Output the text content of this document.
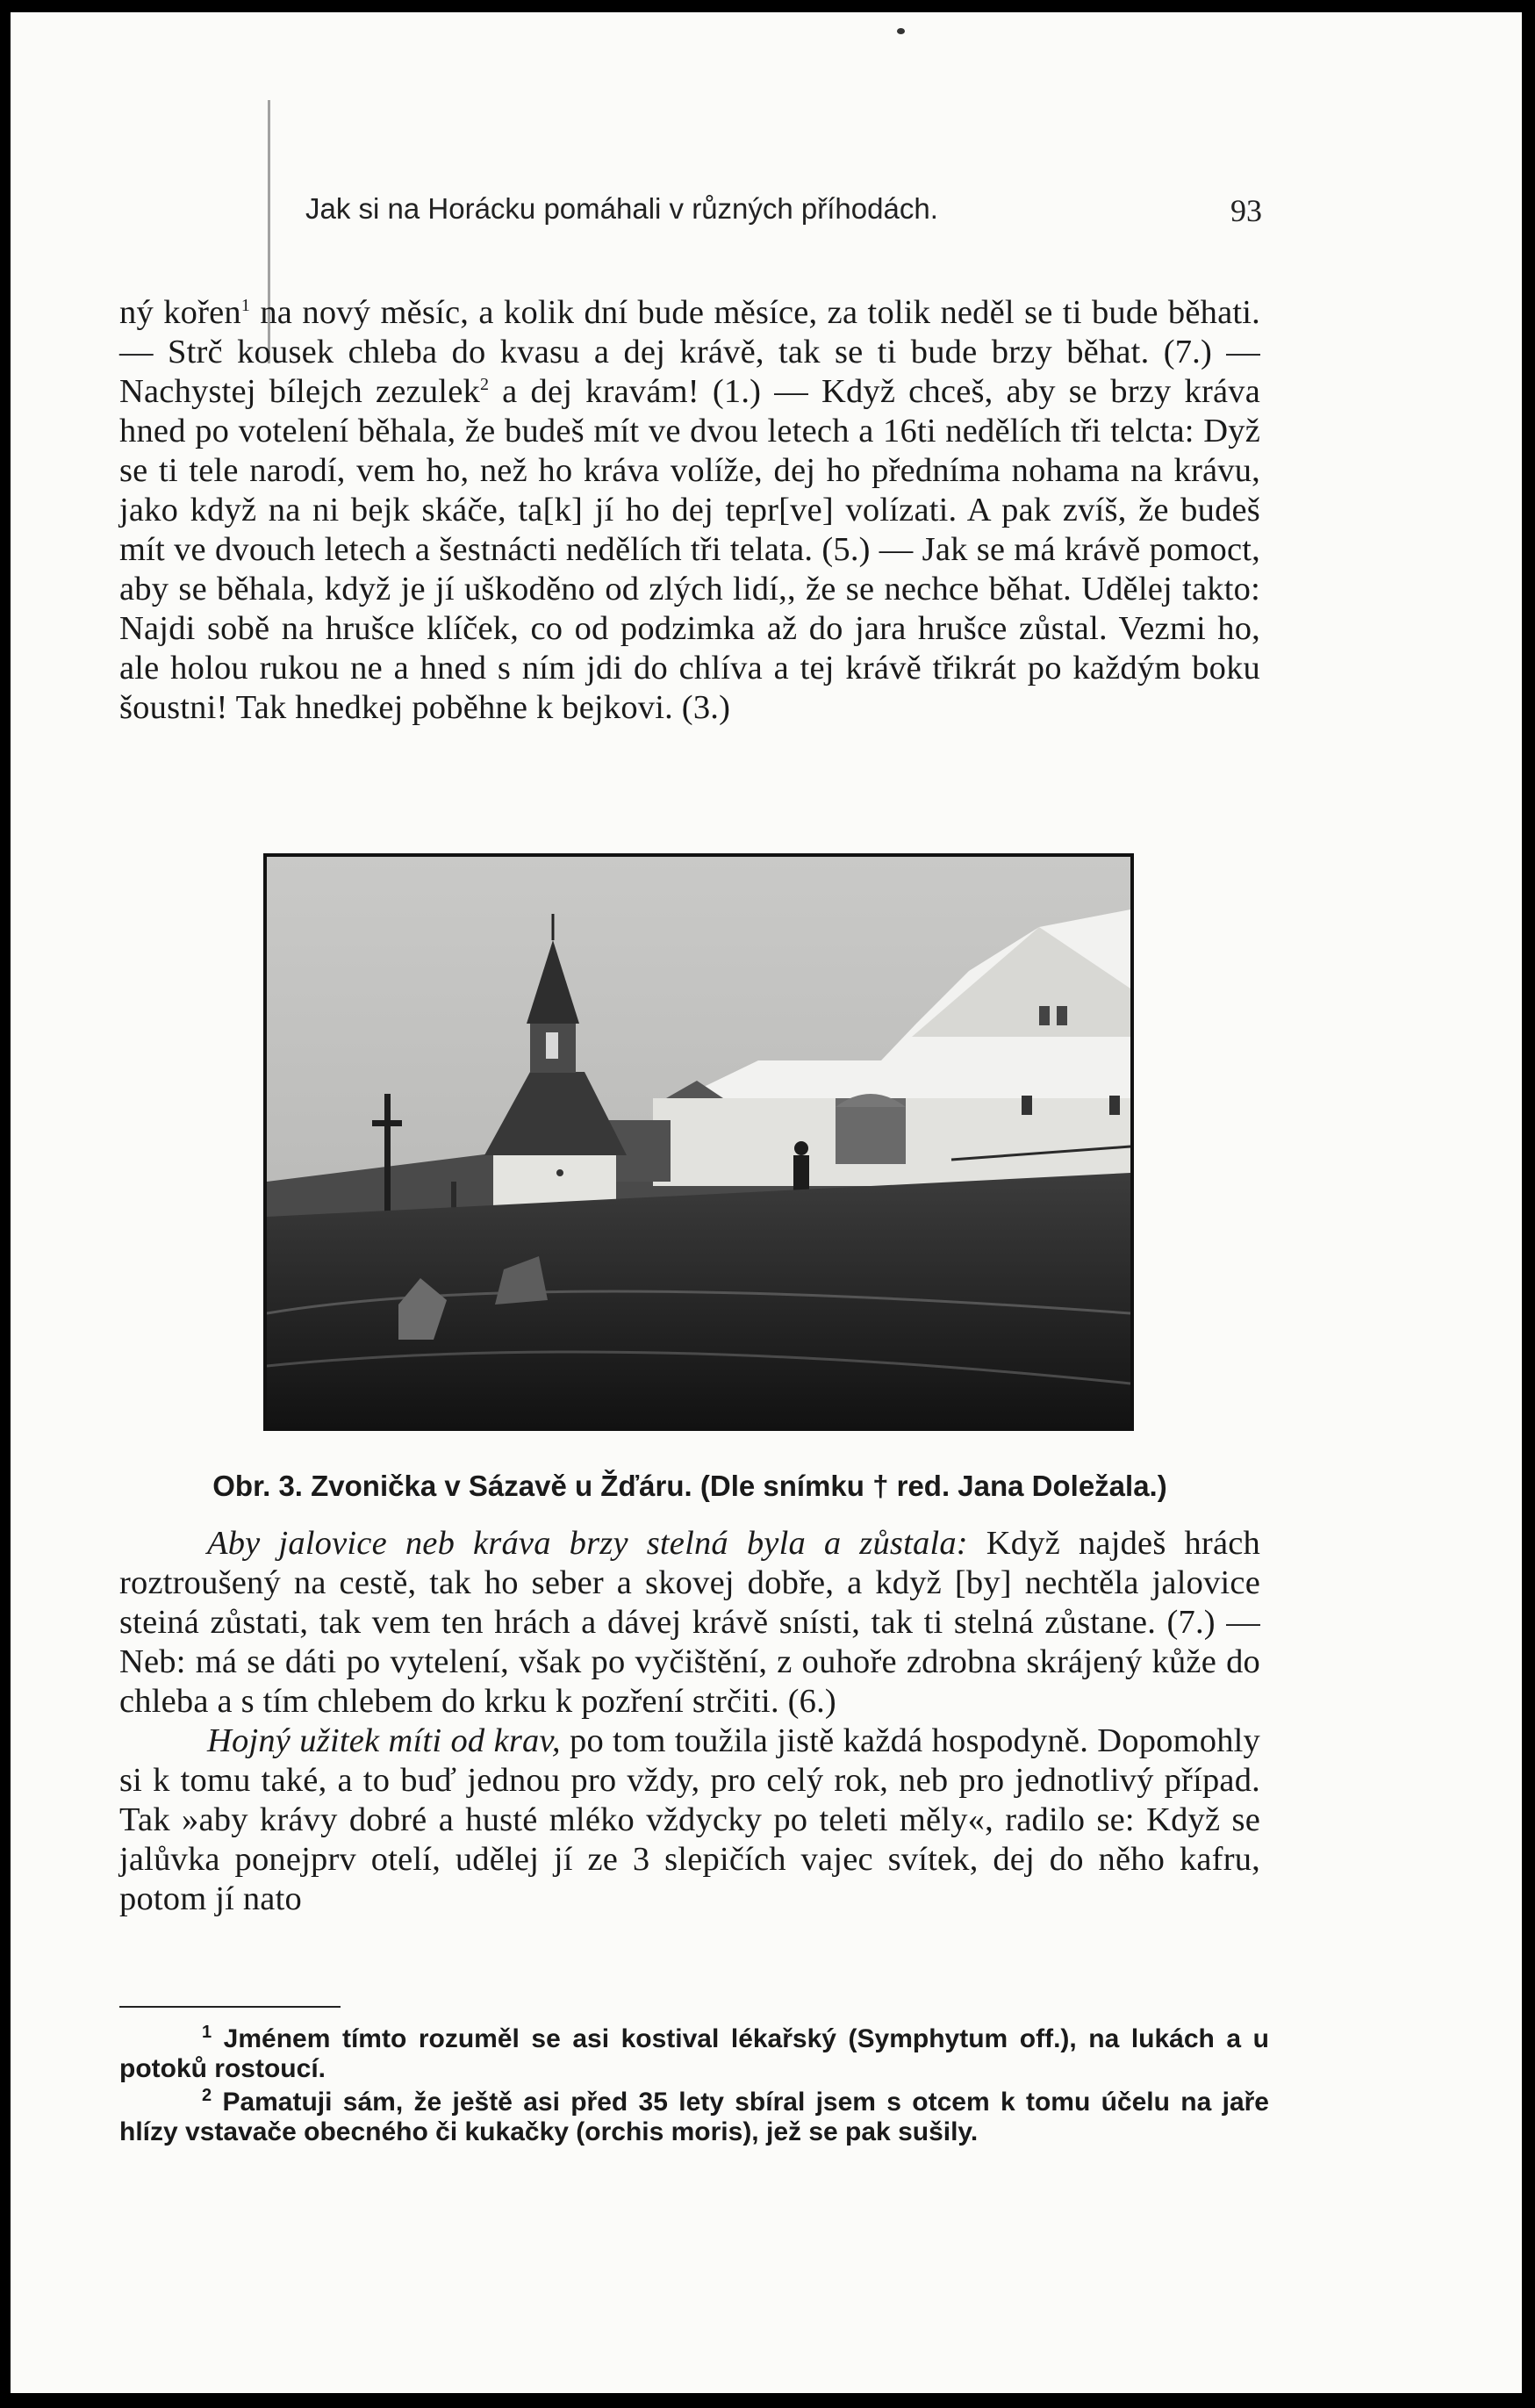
Jak si na Horácku pomáhali v různých příhodách.	93

ný kořen$^1$ na nový měsíc, a kolik dní bude měsíce, za tolik neděl se ti bude běhati. — Strč kousek chleba do kvasu a dej krávě, tak se ti bude brzy běhat. (7.) — Nachystej bílejch zezulek$^2$ a dej kravám! (1.) — Když chceš, aby se brzy kráva hned po votelení běhala, že budeš mít ve dvou letech a 16ti nedělích tři telcta: Dyž se ti tele narodí, vem ho, než ho kráva volíže, dej ho předníma nohama na krávu, jako když na ni bejk skáče, ta[k] jí ho dej tepr[ve] volízati. A pak zvíš, že budeš mít ve dvouch letech a šestnácti nedělích tři telata. (5.) — Jak se má krávě pomoct, aby se běhala, když je jí uškoděno od zlých lidí,, že se nechce běhat. Udělej takto: Najdi sobě na hrušce klíček, co od podzimka až do jara hrušce zůstal. Vezmi ho, ale holou rukou ne a hned s ním jdi do chlíva a tej krávě třikrát po každým boku šoustni! Tak hnedkej poběhne k bejkovi. (3.)

Obr. 3. Zvonička v Sázavě u Žďáru. (Dle snímku † red. Jana Doležala.)

Aby jalovice neb kráva brzy stelná byla a zůstala: Když najdeš hrách roztroušený na cestě, tak ho seber a skovej dobře, a když [by] nechtěla jalovice steiná zůstati, tak vem ten hrách a dávej krávě snísti, tak ti stelná zůstane. (7.) — Neb: má se dáti po vytelení, však po vyčištění, z ouhoře zdrobna skrájený kůže do chleba a s tím chlebem do krku k pozření strčiti. (6.)

Hojný užitek míti od krav, po tom toužila jistě každá hospodyně. Dopomohly si k tomu také, a to buď jednou pro vždy, pro celý rok, neb pro jednotlivý případ. Tak »aby krávy dobré a husté mléko vždycky po teleti měly«, radilo se: Když se jalůvka ponejprv otelí, udělej jí ze 3 slepičích vajec svítek, dej do něho kafru, potom jí nato

$^1$ Jménem tímto rozuměl se asi kostival lékařský (Symphytum off.), na lukách a u potoků rostoucí.

$^2$ Pamatuji sám, že ještě asi před 35 lety sbíral jsem s otcem k tomu účelu na jaře hlízy vstavače obecného či kukačky (orchis moris), jež se pak sušily.
